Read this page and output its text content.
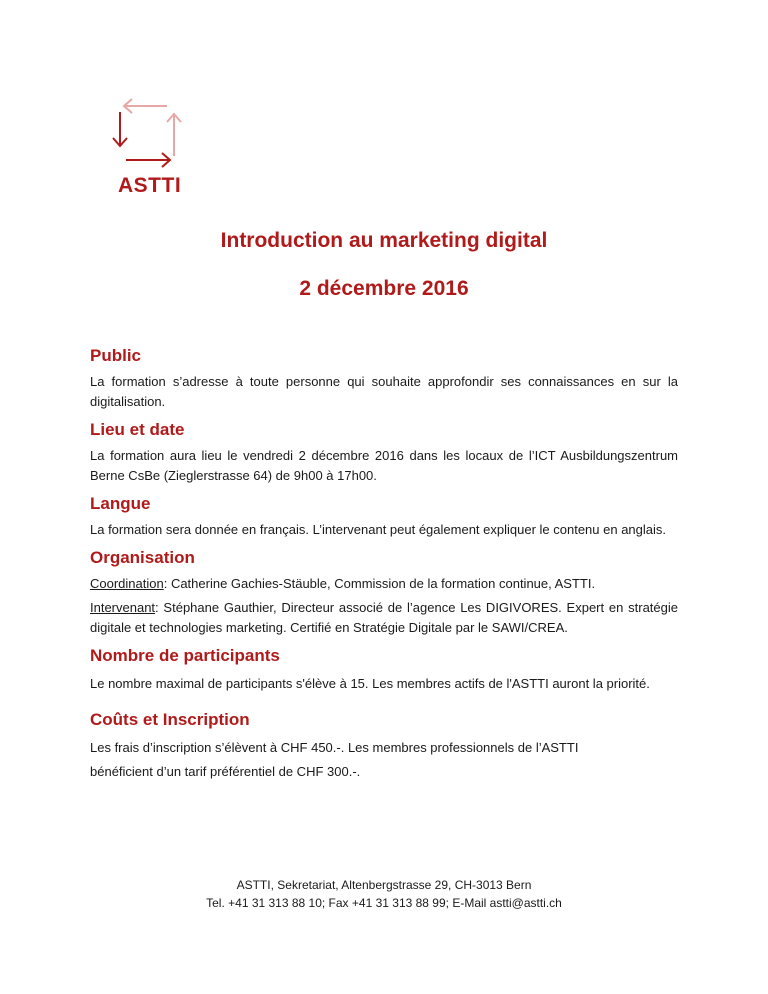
ASTTI
Introduction au marketing digital
2 décembre 2016
Public

La formation s’adresse à toute personne qui souhaite approfondir ses connaissances en sur la digitalisation.

Lieu et date

La formation aura lieu le vendredi 2 décembre 2016 dans les locaux de l’ICT Ausbildungszentrum Berne CsBe (Zieglerstrasse 64) de 9h00 à 17h00.

Langue

La formation sera donnée en français. L’intervenant peut également expliquer le contenu en anglais.

Organisation

Coordination: Catherine Gachies-Stäuble, Commission de la formation continue, ASTTI.

Intervenant: Stéphane Gauthier, Directeur associé de l’agence Les DIGIVORES. Expert en stratégie digitale et technologies marketing. Certifié en Stratégie Digitale par le SAWI/CREA.

Nombre de participants

Le nombre maximal de participants s'élève à 15. Les membres actifs de l'ASTTI auront la priorité.

Coûts et Inscription

Les frais d’inscription s’élèvent à CHF 450.-. Les membres professionnels de l’ASTTI bénéficient d’un tarif préférentiel de CHF 300.-.

ASTTI, Sekretariat, Altenbergstrasse 29, CH-3013 Bern
Tel. +41 31 313 88 10; Fax +41 31 313 88 99; E-Mail astti@astti.ch
